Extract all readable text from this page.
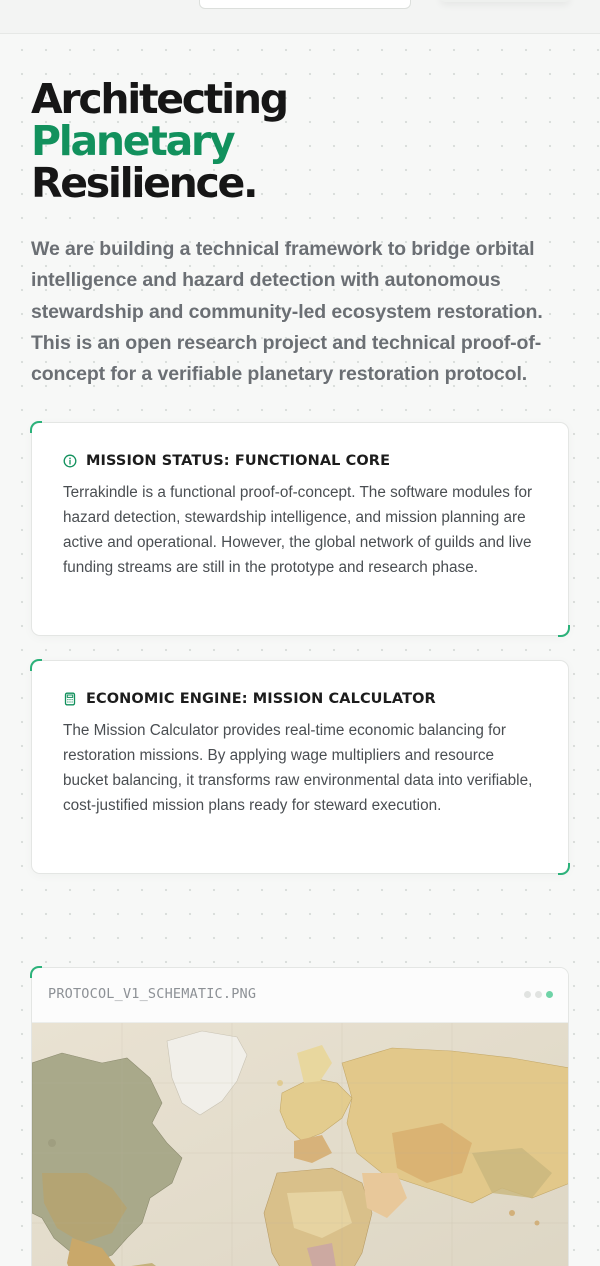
Architecting
Planetary
Resilience.

We are building a technical framework to bridge orbital intelligence and hazard detection with autonomous stewardship and community-led ecosystem restoration. This is an open research project and technical proof-of-concept for a verifiable planetary restoration protocol.

MISSION STATUS: FUNCTIONAL CORE
Terrakindle is a functional proof-of-concept. The software modules for hazard detection, stewardship intelligence, and mission planning are active and operational. However, the global network of guilds and live funding streams are still in the prototype and research phase.
ECONOMIC ENGINE: MISSION CALCULATOR
The Mission Calculator provides real-time economic balancing for restoration missions. By applying wage multipliers and resource bucket balancing, it transforms raw environmental data into verifiable, cost-justified mission plans ready for steward execution.
PROTOCOL_V1_SCHEMATIC.PNG
